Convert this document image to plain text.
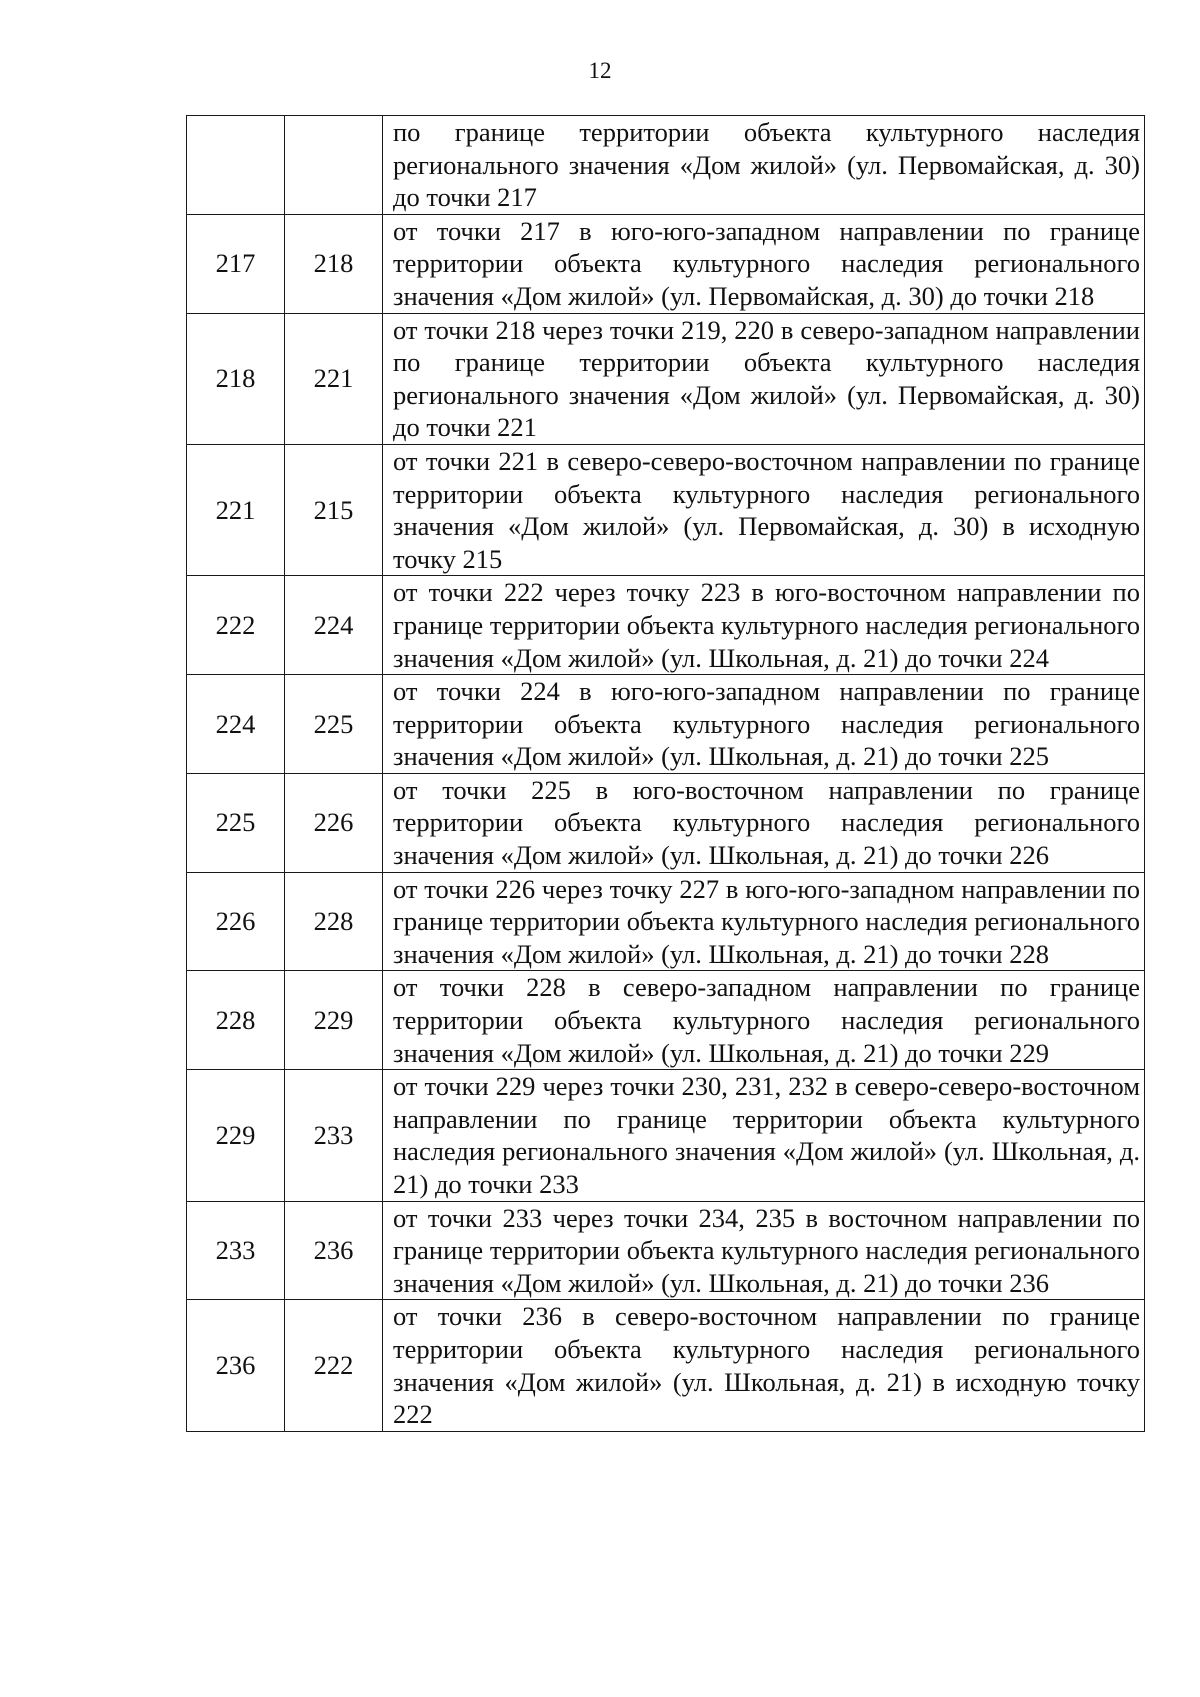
12
		по границе территории объекта культурного наследия регионального значения «Дом жилой» (ул. Первомайская, д. 30) до точки 217
217	218	от точки 217 в юго-юго-западном направлении по границе территории объекта культурного наследия регионального значения «Дом жилой» (ул. Первомайская, д. 30) до точки 218
218	221	от точки 218 через точки 219, 220 в северо-западном направлении по границе территории объекта культурного наследия регионального значения «Дом жилой» (ул. Первомайская, д. 30) до точки 221
221	215	от точки 221 в северо-северо-восточном направлении по границе территории объекта культурного наследия регионального значения «Дом жилой» (ул. Первомайская, д. 30) в исходную точку 215
222	224	от точки 222 через точку 223 в юго-восточном направлении по границе территории объекта культурного наследия регионального значения «Дом жилой» (ул. Школьная, д. 21) до точки 224
224	225	от точки 224 в юго-юго-западном направлении по границе территории объекта культурного наследия регионального значения «Дом жилой» (ул. Школьная, д. 21) до точки 225
225	226	от точки 225 в юго-восточном направлении по границе территории объекта культурного наследия регионального значения «Дом жилой» (ул. Школьная, д. 21) до точки 226
226	228	от точки 226 через точку 227 в юго-юго-западном направлении по границе территории объекта культурного наследия регионального значения «Дом жилой» (ул. Школьная, д. 21) до точки 228
228	229	от точки 228 в северо-западном направлении по границе территории объекта культурного наследия регионального значения «Дом жилой» (ул. Школьная, д. 21) до точки 229
229	233	от точки 229 через точки 230, 231, 232 в северо-северо-восточном направлении по границе территории объекта культурного наследия регионального значения «Дом жилой» (ул. Школьная, д. 21) до точки 233
233	236	от точки 233 через точки 234, 235 в восточном направлении по границе территории объекта культурного наследия регионального значения «Дом жилой» (ул. Школьная, д. 21) до точки 236
236	222	от точки 236 в северо-восточном направлении по границе территории объекта культурного наследия регионального значения «Дом жилой» (ул. Школьная, д. 21) в исходную точку 222
